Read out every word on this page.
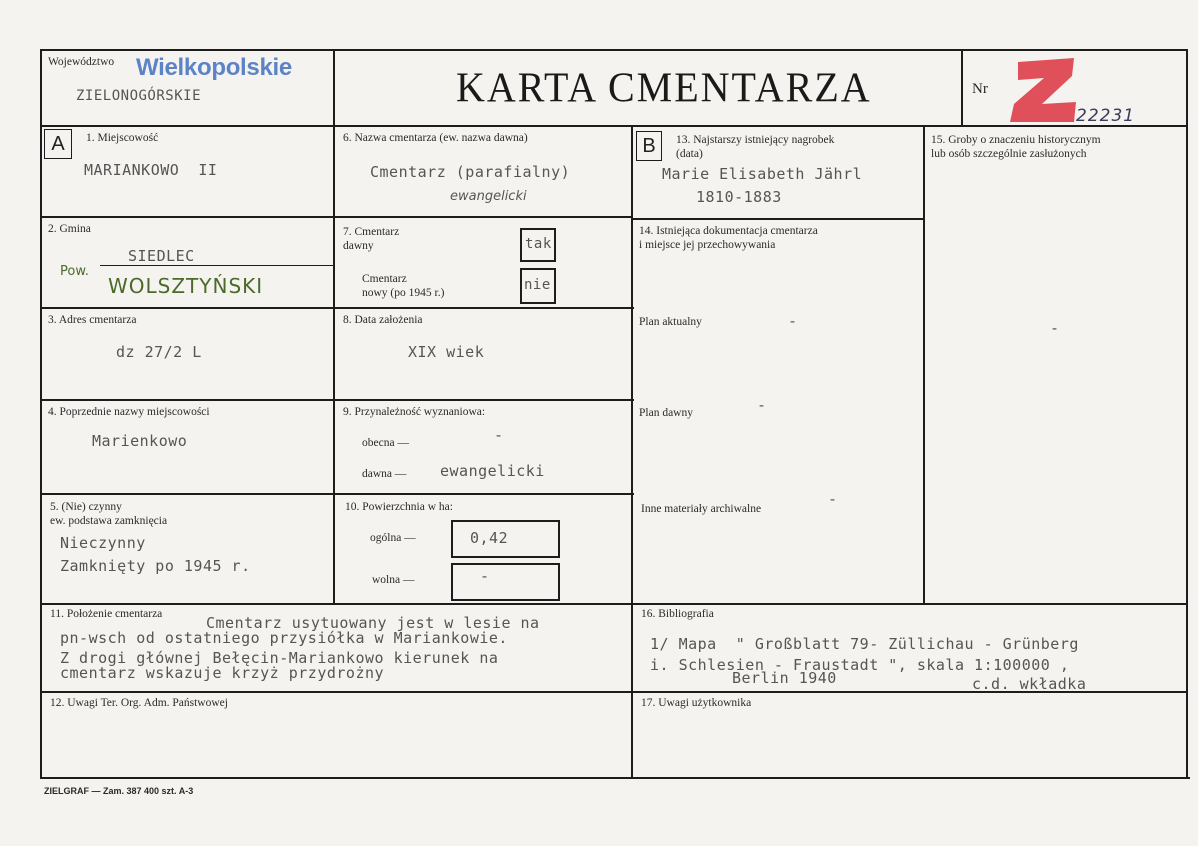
Województwo Wielkopolskie
ZIELONOGÓRSKIE	KARTA CMENTARZA	Nr
22231
A	1. Miejscowość
MARIANKOWO  II
2. Gmina
SIEDLEC
Pow.
WOLSZTYŃSKI
3. Adres cmentarza
dz 27/2 L
4. Poprzednie nazwy miejscowości
Marienkowo
5. (Nie) czynny
ew. podstawa zamknięcia
Nieczynny
Zamknięty po 1945 r.
6. Nazwa cmentarza (ew. nazwa dawna)
Cmentarz (parafialny)
ewangelicki
7. Cmentarz
dawny	tak
Cmentarz
nowy (po 1945 r.)	nie
8. Data założenia
XIX wiek
9. Przynależność wyznaniowa:
obecna —	-
dawna — ewangelicki
10. Powierzchnia w ha:
ogólna —	0,42
wolna —	-
B	13. Najstarszy istniejący nagrobek
(data)
Marie Elisabeth Jährl
1810-1883
14. Istniejąca dokumentacja cmentarza
i miejsce jej przechowywania
Plan aktualny	-
Plan dawny	-
Inne materiały archiwalne
-
15. Groby o znaczeniu historycznym
lub osób szczególnie zasłużonych
-
11. Położenie cmentarza	Cmentarz usytuowany jest w lesie na
pn-wsch od ostatniego przysiółka w Mariankowie.
Z drogi głównej Bełęcin-Mariankowo kierunek na
cmentarz wskazuje krzyż przydrożny
16. Bibliografia
1/ Mapa  " Großblatt 79- Züllichau - Grünberg
i. Schlesien - Fraustadt ", skala 1:100000 ,
Berlin 1940	c.d. wkładka
12. Uwagi Ter. Org. Adm. Państwowej	17. Uwagi użytkownika
ZIELGRAF — Zam. 387 400 szt. A-3
